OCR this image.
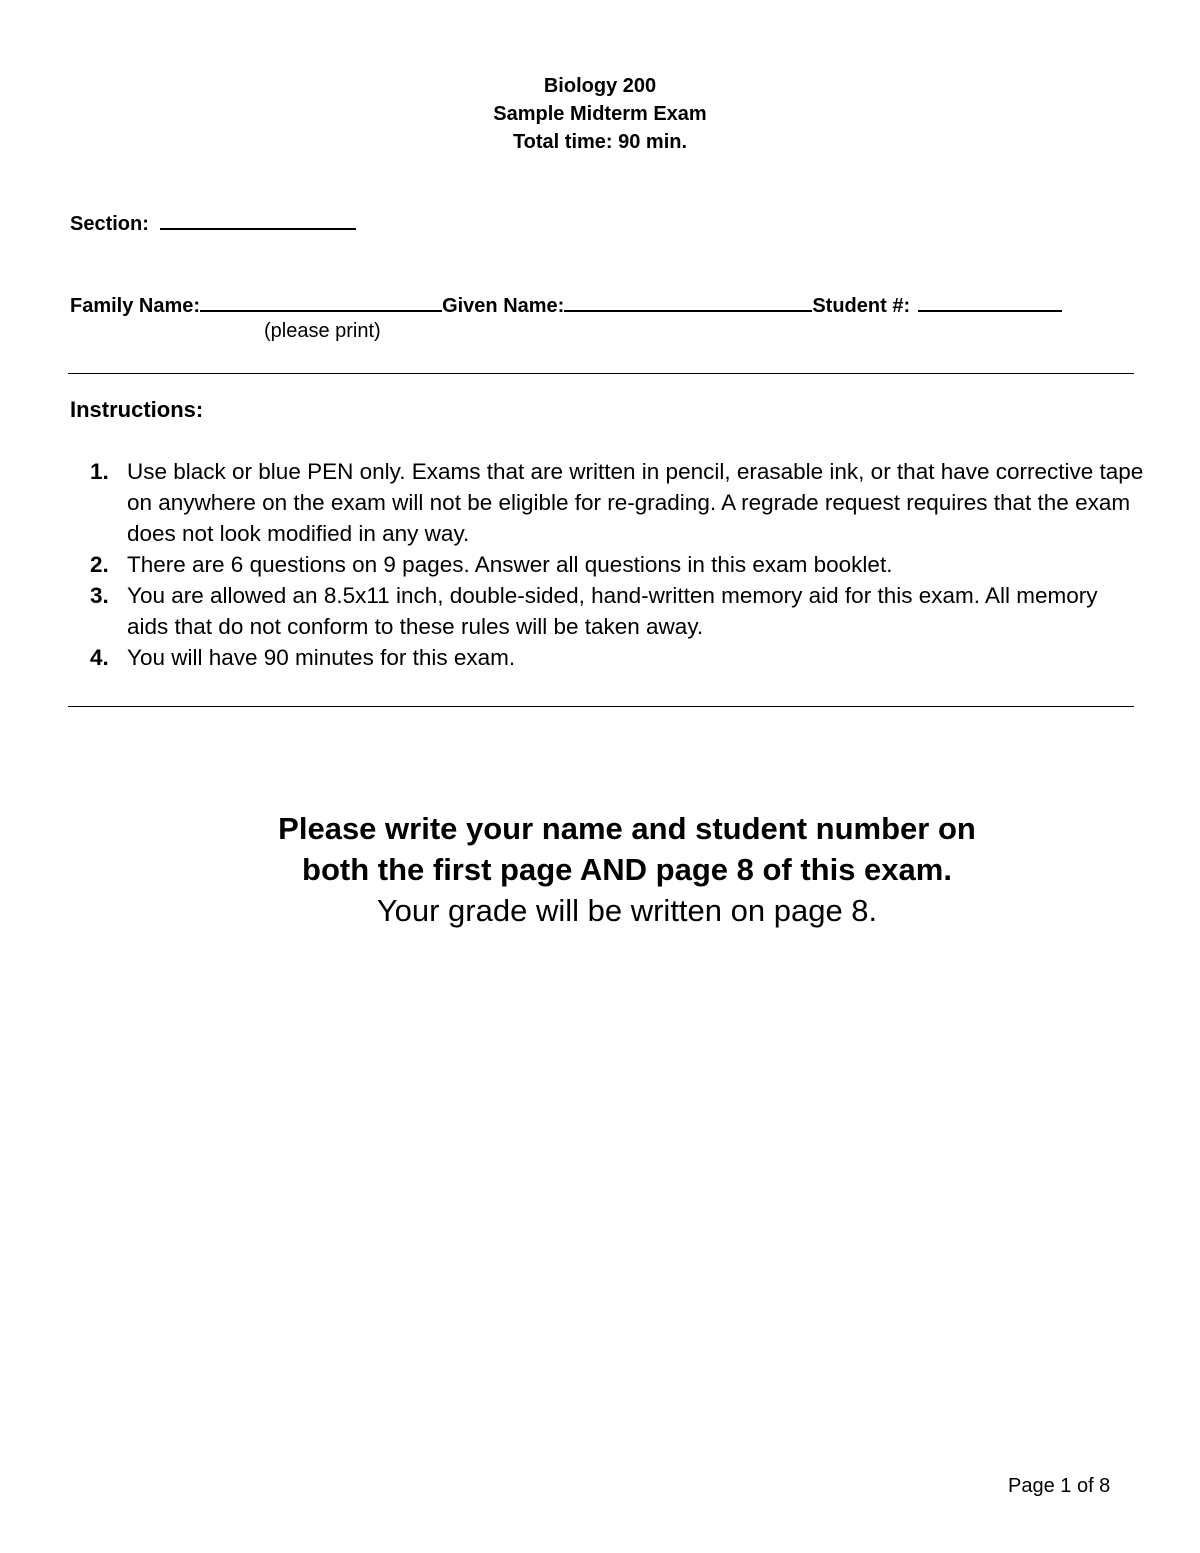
Biology 200
Sample Midterm Exam
Total time: 90 min.
Section:
Family Name:	Given Name:	Student #:
(please print)
Instructions:
1. Use black or blue PEN only. Exams that are written in pencil, erasable ink, or that have corrective tape on anywhere on the exam will not be eligible for re-grading. A regrade request requires that the exam does not look modified in any way.
2. There are 6 questions on 9 pages. Answer all questions in this exam booklet.
3. You are allowed an 8.5x11 inch, double-sided, hand-written memory aid for this exam. All memory aids that do not conform to these rules will be taken away.
4. You will have 90 minutes for this exam.
Please write your name and student number on
both the first page AND page 8 of this exam.
Your grade will be written on page 8.
Page 1 of 8
